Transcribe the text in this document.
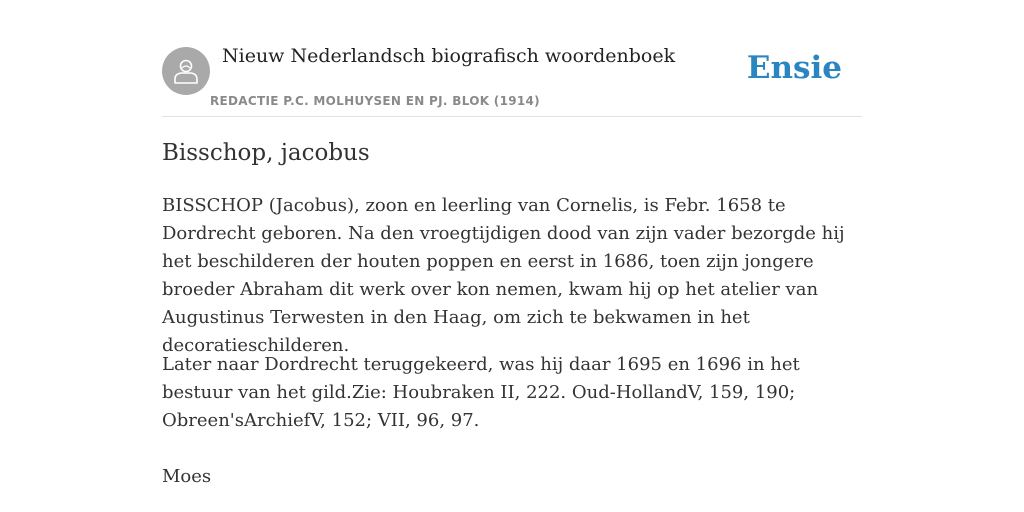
Nieuw Nederlandsch biografisch woordenboek
REDACTIE P.C. MOLHUYSEN EN PJ. BLOK (1914)
Ensie
Bisschop, jacobus

BISSCHOP (Jacobus), zoon en leerling van Cornelis, is Febr. 1658 te Dordrecht geboren. Na den vroegtijdigen dood van zijn vader bezorgde hij het beschilderen der houten poppen en eerst in 1686, toen zijn jongere broeder Abraham dit werk over kon nemen, kwam hij op het atelier van Augustinus Terwesten in den Haag, om zich te bekwamen in het decoratieschilderen.

Later naar Dordrecht teruggekeerd, was hij daar 1695 en 1696 in het bestuur van het gild.Zie: Houbraken II, 222. Oud-HollandV, 159, 190; Obreen'sArchiefV, 152; VII, 96, 97.

Moes
